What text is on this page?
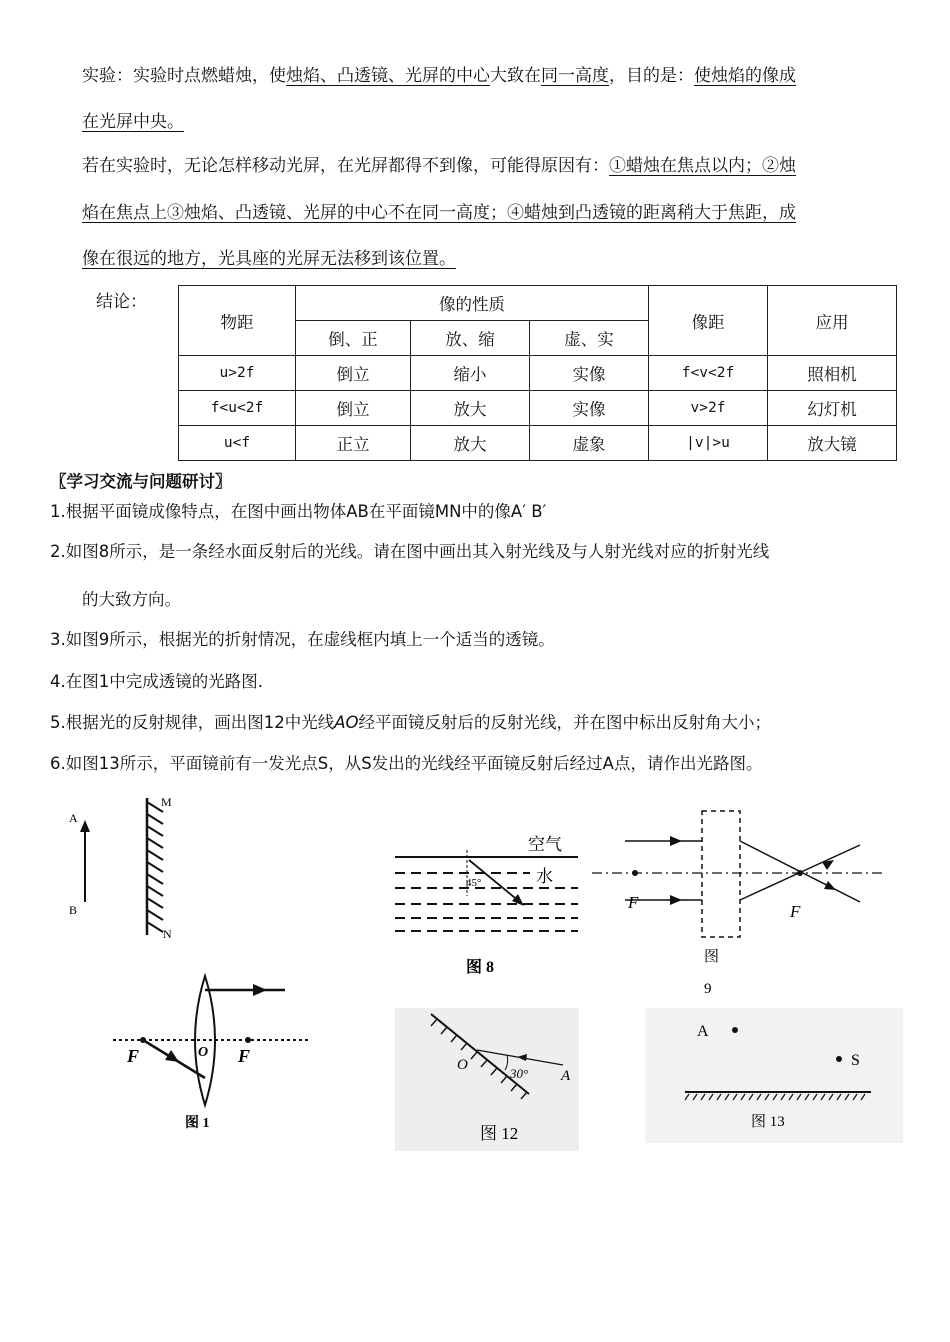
实验：实验时点燃蜡烛，使烛焰、凸透镜、光屏的中心大致在同一高度，目的是：使烛焰的像成
在光屏中央。
若在实验时，无论怎样移动光屏，在光屏都得不到像，可能得原因有：①蜡烛在焦点以内；②烛
焰在焦点上③烛焰、凸透镜、光屏的中心不在同一高度；④蜡烛到凸透镜的距离稍大于焦距，成
像在很远的地方，光具座的光屏无法移到该位置。
结论：
物距	像的性质			像距	应用
	倒、正	放、缩	虚、实		
u>2f	倒立	缩小	实像	f<v<2f	照相机
f<u<2f	倒立	放大	实像	v>2f	幻灯机
u<f	正立	放大	虚象	|v|>u	放大镜
〖学习交流与问题研讨〗
1.根据平面镜成像特点，在图中画出物体AB在平面镜MN中的像A′ B′
2.如图8所示，是一条经水面反射后的光线。请在图中画出其入射光线及与人射光线对应的折射光线
的大致方向。
3.如图9所示，根据光的折射情况，在虚线框内填上一个适当的透镜。
4.在图1中完成透镜的光路图.
5.根据光的反射规律，画出图12中光线AO经平面镜反射后的反射光线，并在图中标出反射角大小；
6.如图13所示，平面镜前有一发光点S，从S发出的光线经平面镜反射后经过A点，请作出光路图。
A
B
M
N
空气
水
45°
图 8
F	F
图
9
F	O F
图 1
O
30° A
图 12
A
S
图 13
